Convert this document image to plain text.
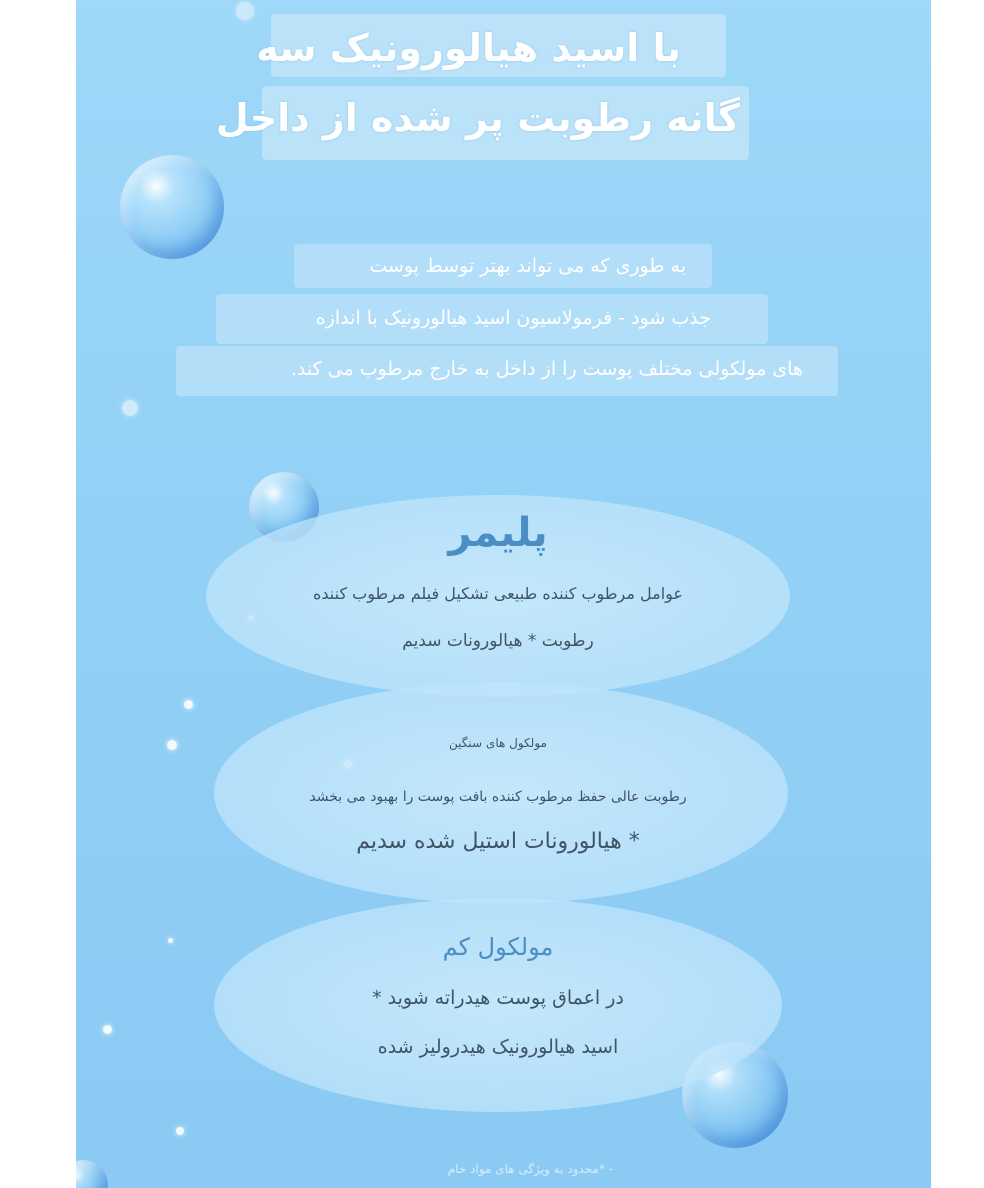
با اسید هیالورونیک سه
گانه رطوبت پر شده از داخل
به طوری که می تواند بهتر توسط پوست
جذب شود - فرمولاسیون اسید هیالورونیک با اندازه
های مولکولی مختلف پوست را از داخل به خارج مرطوب می کند.
پلیمر
عوامل مرطوب کننده طبیعی تشکیل فیلم مرطوب کننده
رطوبت * هیالورونات سدیم
مولکول های سنگین
رطوبت عالی حفظ مرطوب کننده بافت پوست را بهبود می بخشد
* هیالورونات استیل شده سدیم
مولکول کم
در اعماق پوست هیدراته شوید *
اسید هیالورونیک هیدرولیز شده
- *محدود به ویژگی های مواد خام
